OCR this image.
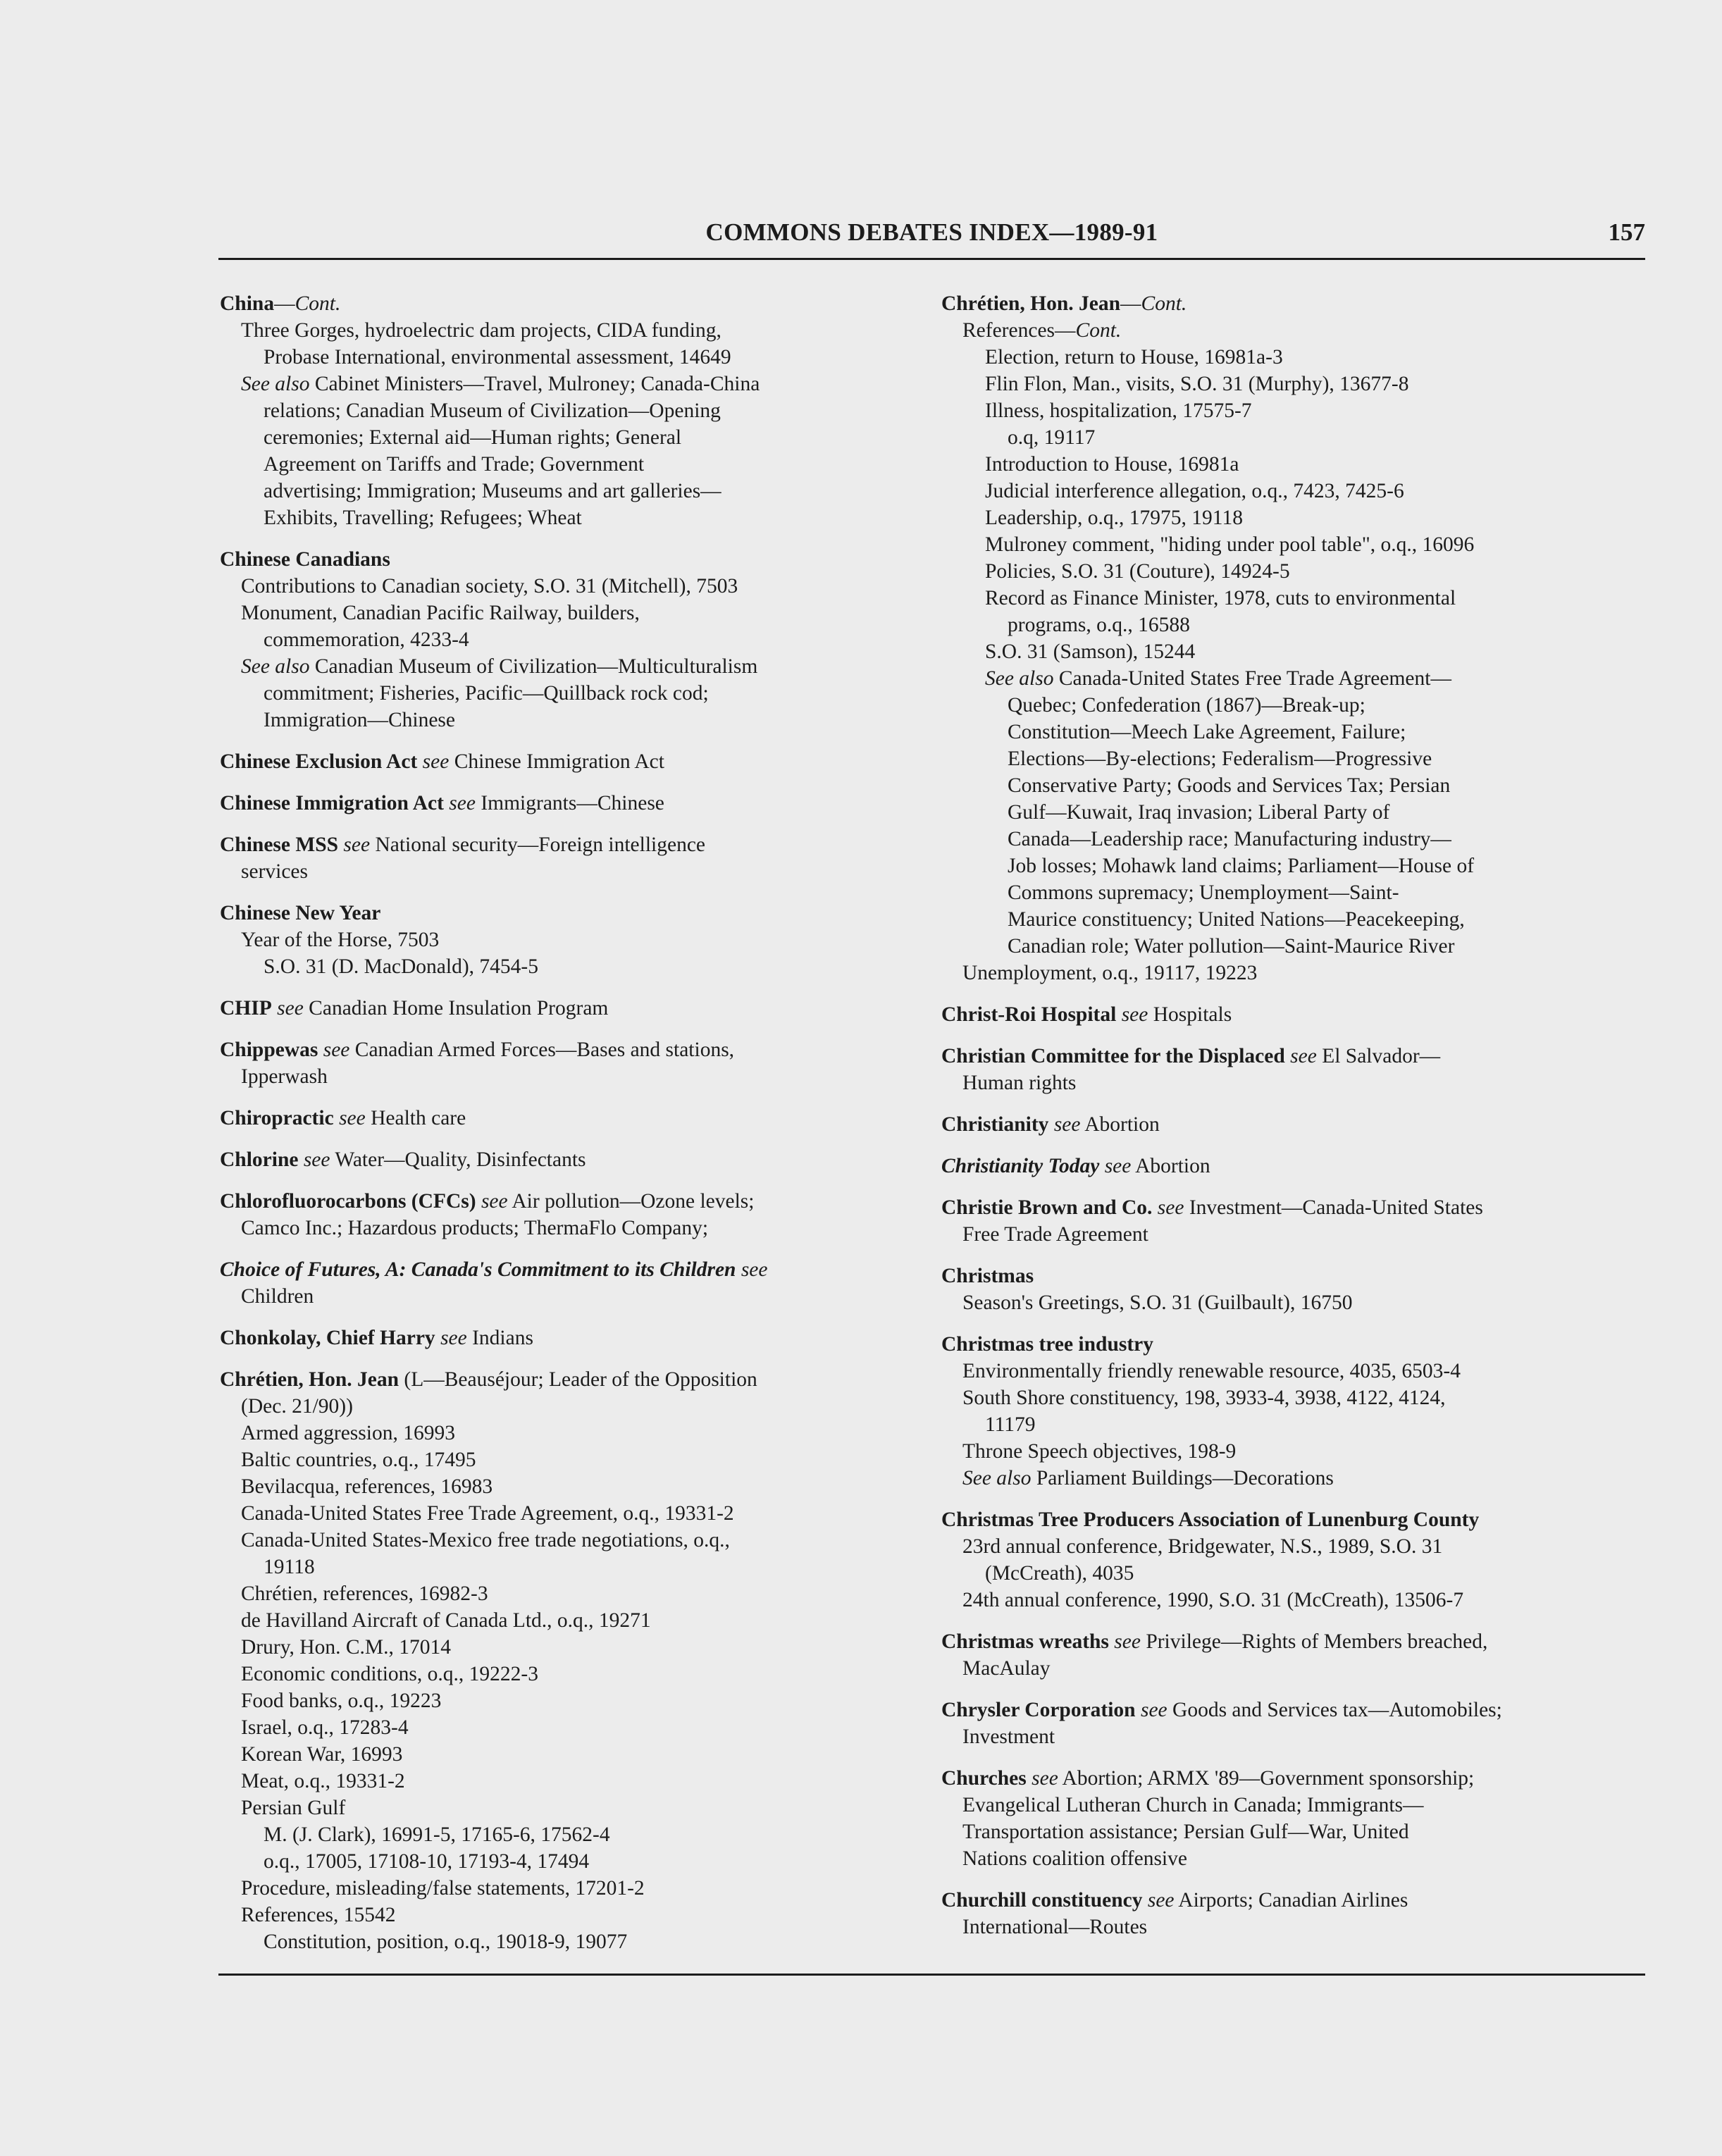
COMMONS DEBATES INDEX—1989-91	157
China—Cont.
Three Gorges, hydroelectric dam projects, CIDA funding,
Probase International, environmental assessment, 14649
See also Cabinet Ministers—Travel, Mulroney; Canada-China
relations; Canadian Museum of Civilization—Opening
ceremonies; External aid—Human rights; General
Agreement on Tariffs and Trade; Government
advertising; Immigration; Museums and art galleries—
Exhibits, Travelling; Refugees; Wheat
Chinese Canadians
Contributions to Canadian society, S.O. 31 (Mitchell), 7503
Monument, Canadian Pacific Railway, builders,
commemoration, 4233-4
See also Canadian Museum of Civilization—Multiculturalism
commitment; Fisheries, Pacific—Quillback rock cod;
Immigration—Chinese
Chinese Exclusion Act see Chinese Immigration Act
Chinese Immigration Act see Immigrants—Chinese
Chinese MSS see National security—Foreign intelligence
services
Chinese New Year
Year of the Horse, 7503
S.O. 31 (D. MacDonald), 7454-5
CHIP see Canadian Home Insulation Program
Chippewas see Canadian Armed Forces—Bases and stations,
Ipperwash
Chiropractic see Health care
Chlorine see Water—Quality, Disinfectants
Chlorofluorocarbons (CFCs) see Air pollution—Ozone levels;
Camco Inc.; Hazardous products; ThermaFlo Company;
Choice of Futures, A: Canada's Commitment to its Children see
Children
Chonkolay, Chief Harry see Indians
Chrétien, Hon. Jean (L—Beauséjour; Leader of the Opposition
(Dec. 21/90))
Armed aggression, 16993
Baltic countries, o.q., 17495
Bevilacqua, references, 16983
Canada-United States Free Trade Agreement, o.q., 19331-2
Canada-United States-Mexico free trade negotiations, o.q.,
19118
Chrétien, references, 16982-3
de Havilland Aircraft of Canada Ltd., o.q., 19271
Drury, Hon. C.M., 17014
Economic conditions, o.q., 19222-3
Food banks, o.q., 19223
Israel, o.q., 17283-4
Korean War, 16993
Meat, o.q., 19331-2
Persian Gulf
M. (J. Clark), 16991-5, 17165-6, 17562-4
o.q., 17005, 17108-10, 17193-4, 17494
Procedure, misleading/false statements, 17201-2
References, 15542
Constitution, position, o.q., 19018-9, 19077
Chrétien, Hon. Jean—Cont.
References—Cont.
Election, return to House, 16981a-3
Flin Flon, Man., visits, S.O. 31 (Murphy), 13677-8
Illness, hospitalization, 17575-7
o.q, 19117
Introduction to House, 16981a
Judicial interference allegation, o.q., 7423, 7425-6
Leadership, o.q., 17975, 19118
Mulroney comment, "hiding under pool table", o.q., 16096
Policies, S.O. 31 (Couture), 14924-5
Record as Finance Minister, 1978, cuts to environmental
programs, o.q., 16588
S.O. 31 (Samson), 15244
See also Canada-United States Free Trade Agreement—
Quebec; Confederation (1867)—Break-up;
Constitution—Meech Lake Agreement, Failure;
Elections—By-elections; Federalism—Progressive
Conservative Party; Goods and Services Tax; Persian
Gulf—Kuwait, Iraq invasion; Liberal Party of
Canada—Leadership race; Manufacturing industry—
Job losses; Mohawk land claims; Parliament—House of
Commons supremacy; Unemployment—Saint-
Maurice constituency; United Nations—Peacekeeping,
Canadian role; Water pollution—Saint-Maurice River
Unemployment, o.q., 19117, 19223
Christ-Roi Hospital see Hospitals
Christian Committee for the Displaced see El Salvador—
Human rights
Christianity see Abortion
Christianity Today see Abortion
Christie Brown and Co. see Investment—Canada-United States
Free Trade Agreement
Christmas
Season's Greetings, S.O. 31 (Guilbault), 16750
Christmas tree industry
Environmentally friendly renewable resource, 4035, 6503-4
South Shore constituency, 198, 3933-4, 3938, 4122, 4124,
11179
Throne Speech objectives, 198-9
See also Parliament Buildings—Decorations
Christmas Tree Producers Association of Lunenburg County
23rd annual conference, Bridgewater, N.S., 1989, S.O. 31
(McCreath), 4035
24th annual conference, 1990, S.O. 31 (McCreath), 13506-7
Christmas wreaths see Privilege—Rights of Members breached,
MacAulay
Chrysler Corporation see Goods and Services tax—Automobiles;
Investment
Churches see Abortion; ARMX '89—Government sponsorship;
Evangelical Lutheran Church in Canada; Immigrants—
Transportation assistance; Persian Gulf—War, United
Nations coalition offensive
Churchill constituency see Airports; Canadian Airlines
International—Routes
